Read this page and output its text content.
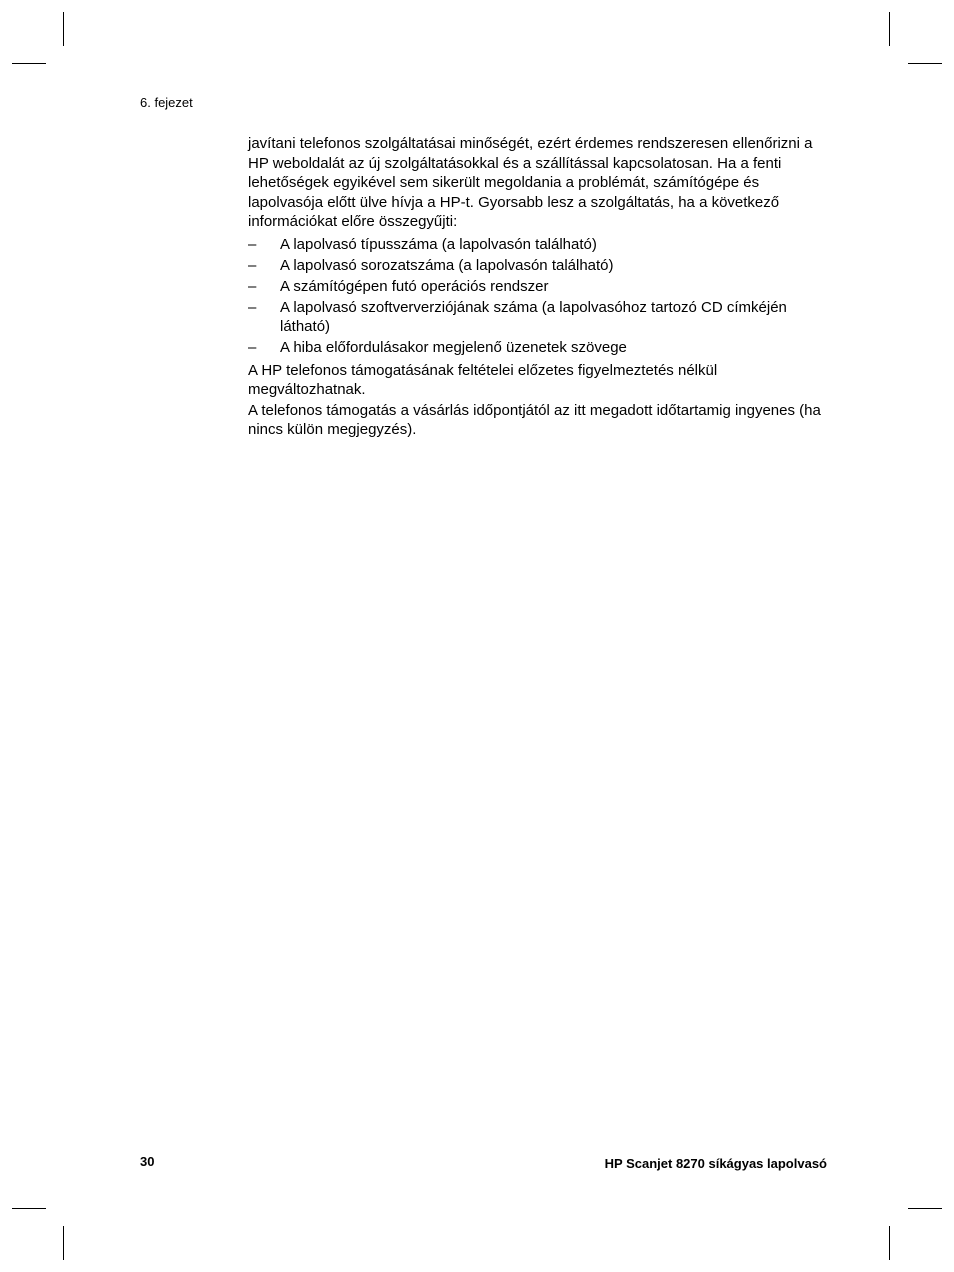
6. fejezet

javítani telefonos szolgáltatásai minőségét, ezért érdemes rendszeresen ellenőrizni a HP weboldalát az új szolgáltatásokkal és a szállítással kapcsolatosan. Ha a fenti lehetőségek egyikével sem sikerült megoldania a problémát, számítógépe és lapolvasója előtt ülve hívja a HP-t. Gyorsabb lesz a szolgáltatás, ha a következő információkat előre összegyűjti:

– A lapolvasó típusszáma (a lapolvasón található)
– A lapolvasó sorozatszáma (a lapolvasón található)
– A számítógépen futó operációs rendszer
– A lapolvasó szoftververziójának száma (a lapolvasóhoz tartozó CD címkéjén látható)
– A hiba előfordulásakor megjelenő üzenetek szövege

A HP telefonos támogatásának feltételei előzetes figyelmeztetés nélkül megváltozhatnak.

A telefonos támogatás a vásárlás időpontjától az itt megadott időtartamig ingyenes (ha nincs külön megjegyzés).

30	HP Scanjet 8270 síkágyas lapolvasó
